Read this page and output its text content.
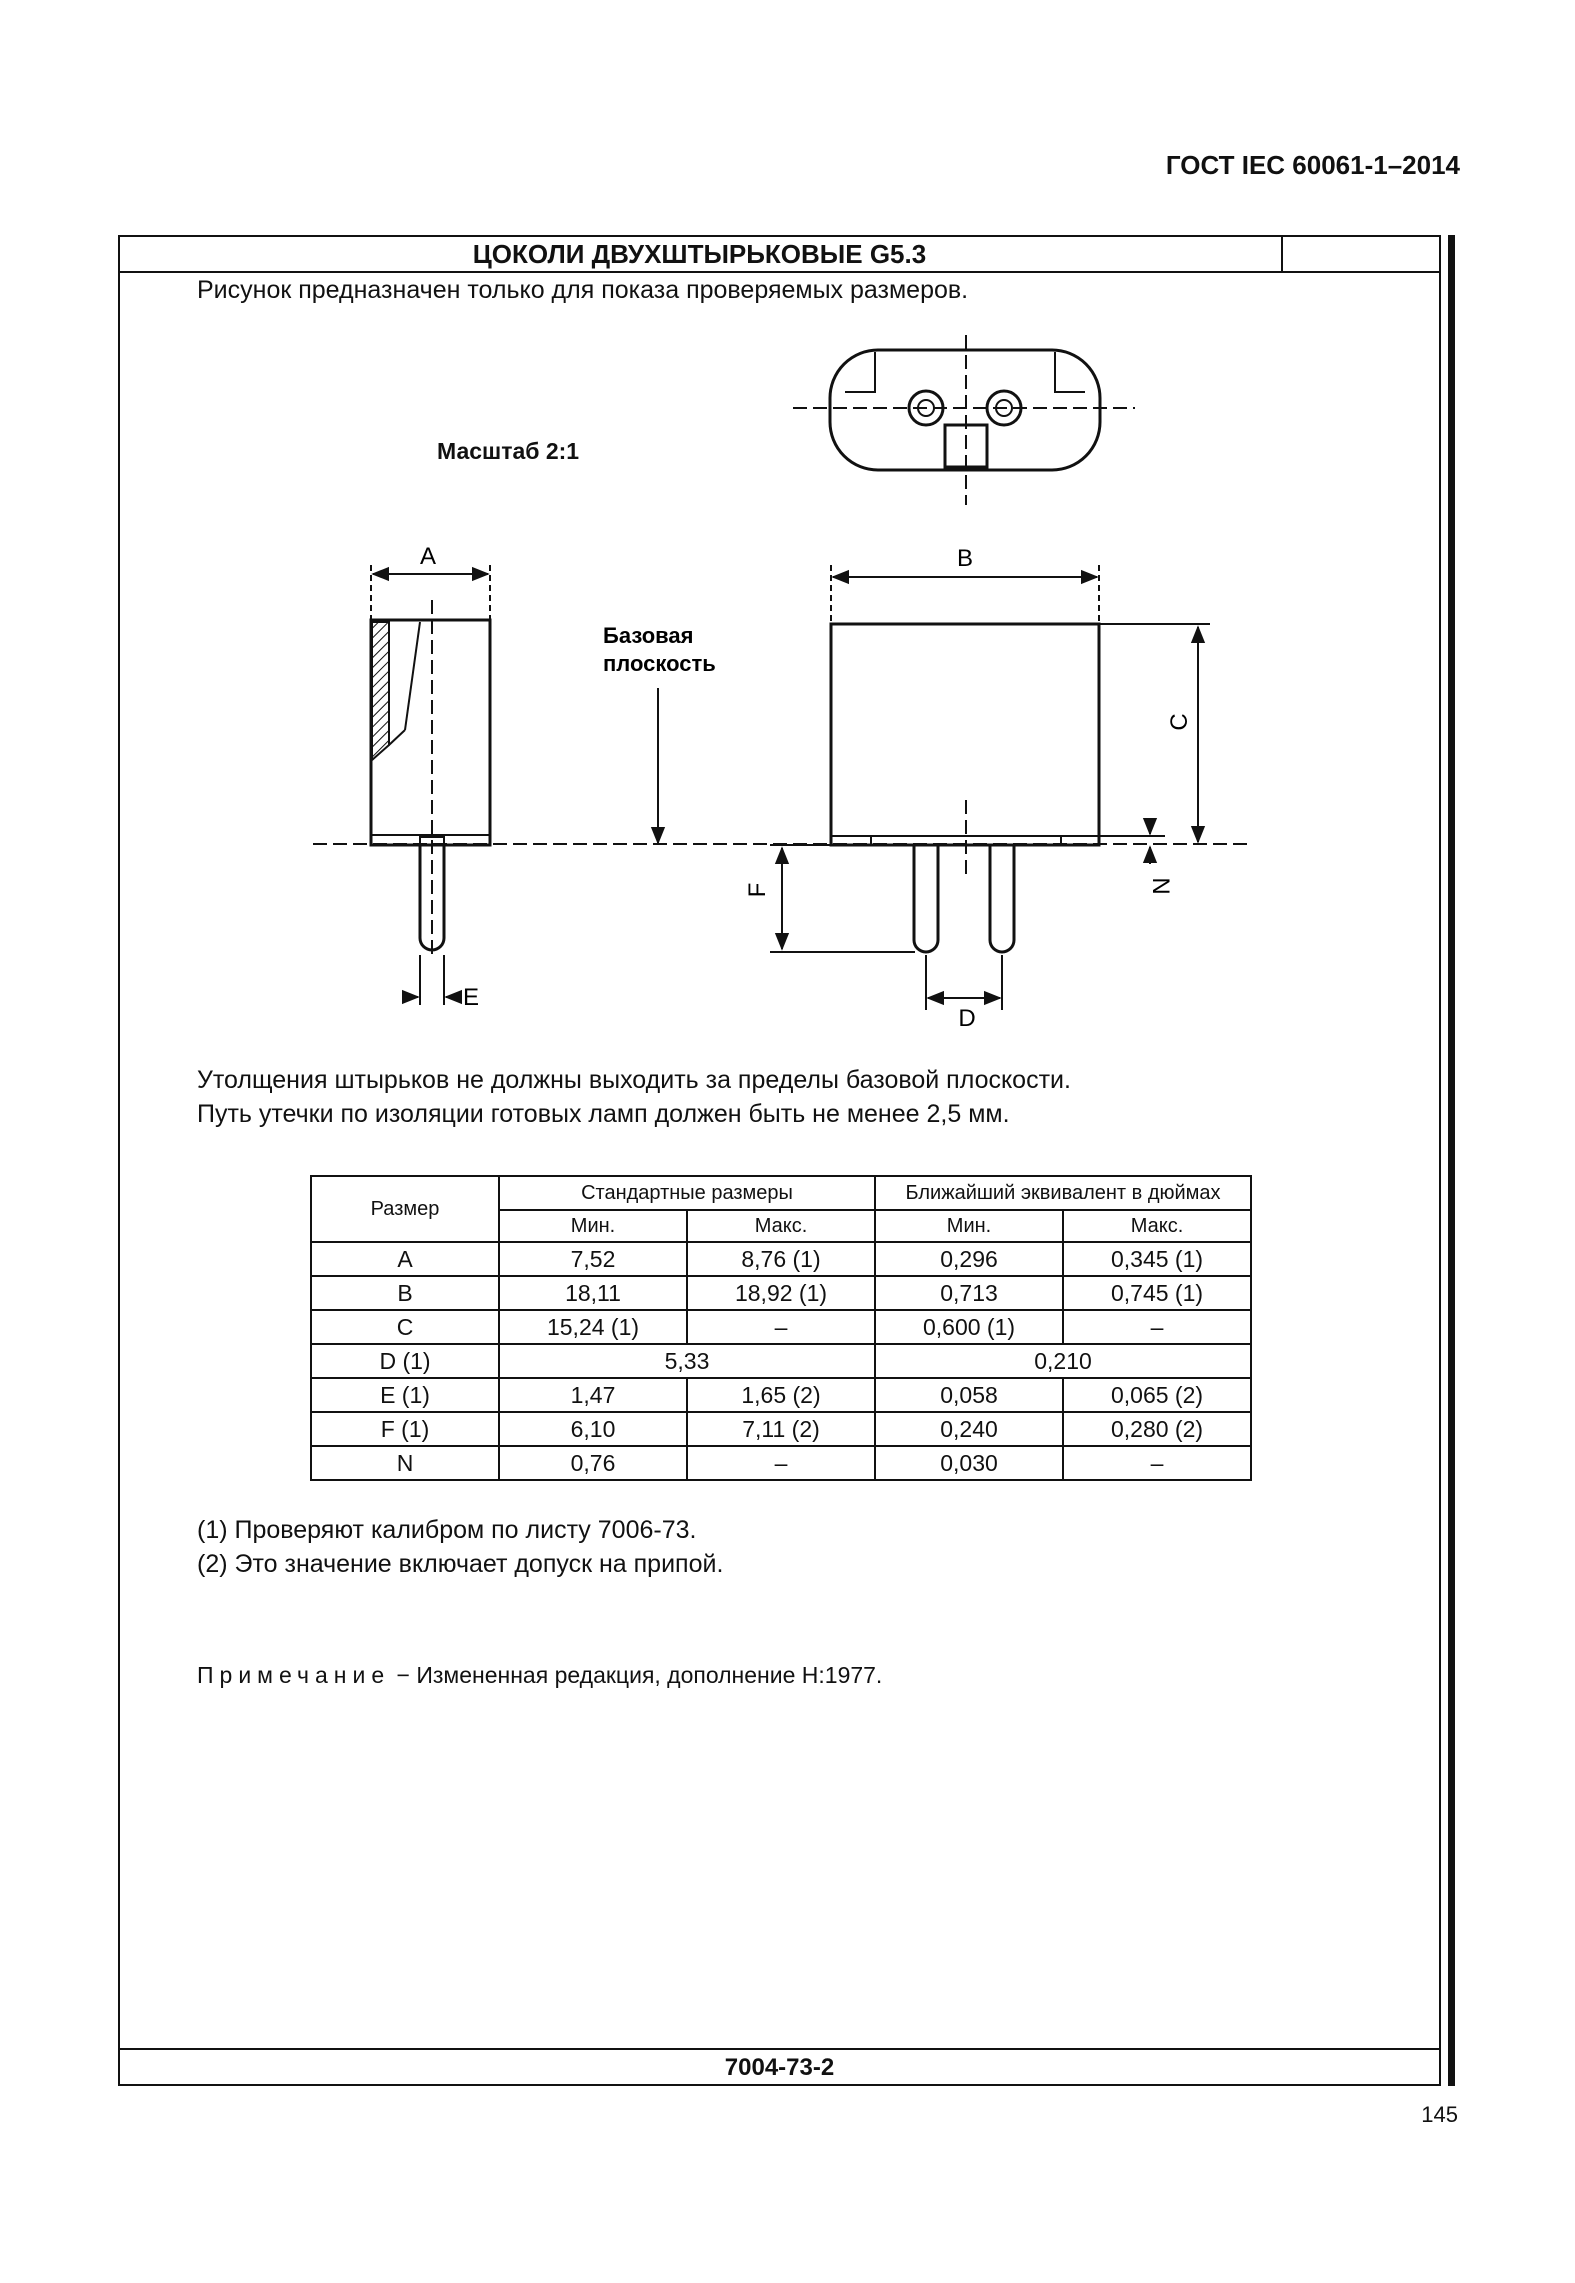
ГОСТ IEC 60061-1–2014
ЦОКОЛИ ДВУХШТЫРЬКОВЫЕ G5.3
Рисунок предназначен только для показа проверяемых размеров.
Масштаб 2:1
A	B
C
N
F
D
E
Базовая
плоскость
Утолщения штырьков не должны выходить за пределы базовой плоскости.
Путь утечки по изоляции готовых ламп должен быть не менее 2,5 мм.
Размер	Стандартные размеры		Ближайший эквивалент в дюймах	
	Мин.	Макс.	Мин.	Макс.
A	7,52	8,76 (1)	0,296	0,345 (1)
B	18,11	18,92 (1)	0,713	0,745 (1)
C	15,24 (1)	–	0,600 (1)	–
D (1)	5,33		0,210	
E (1)	1,47	1,65 (2)	0,058	0,065 (2)
F (1)	6,10	7,11 (2)	0,240	0,280 (2)
N	0,76	–	0,030	–
(1) Проверяют калибром по листу 7006-73.
(2) Это значение включает допуск на припой.
Примечание − Измененная редакция, дополнение Н:1977.
7004-73-2
145
